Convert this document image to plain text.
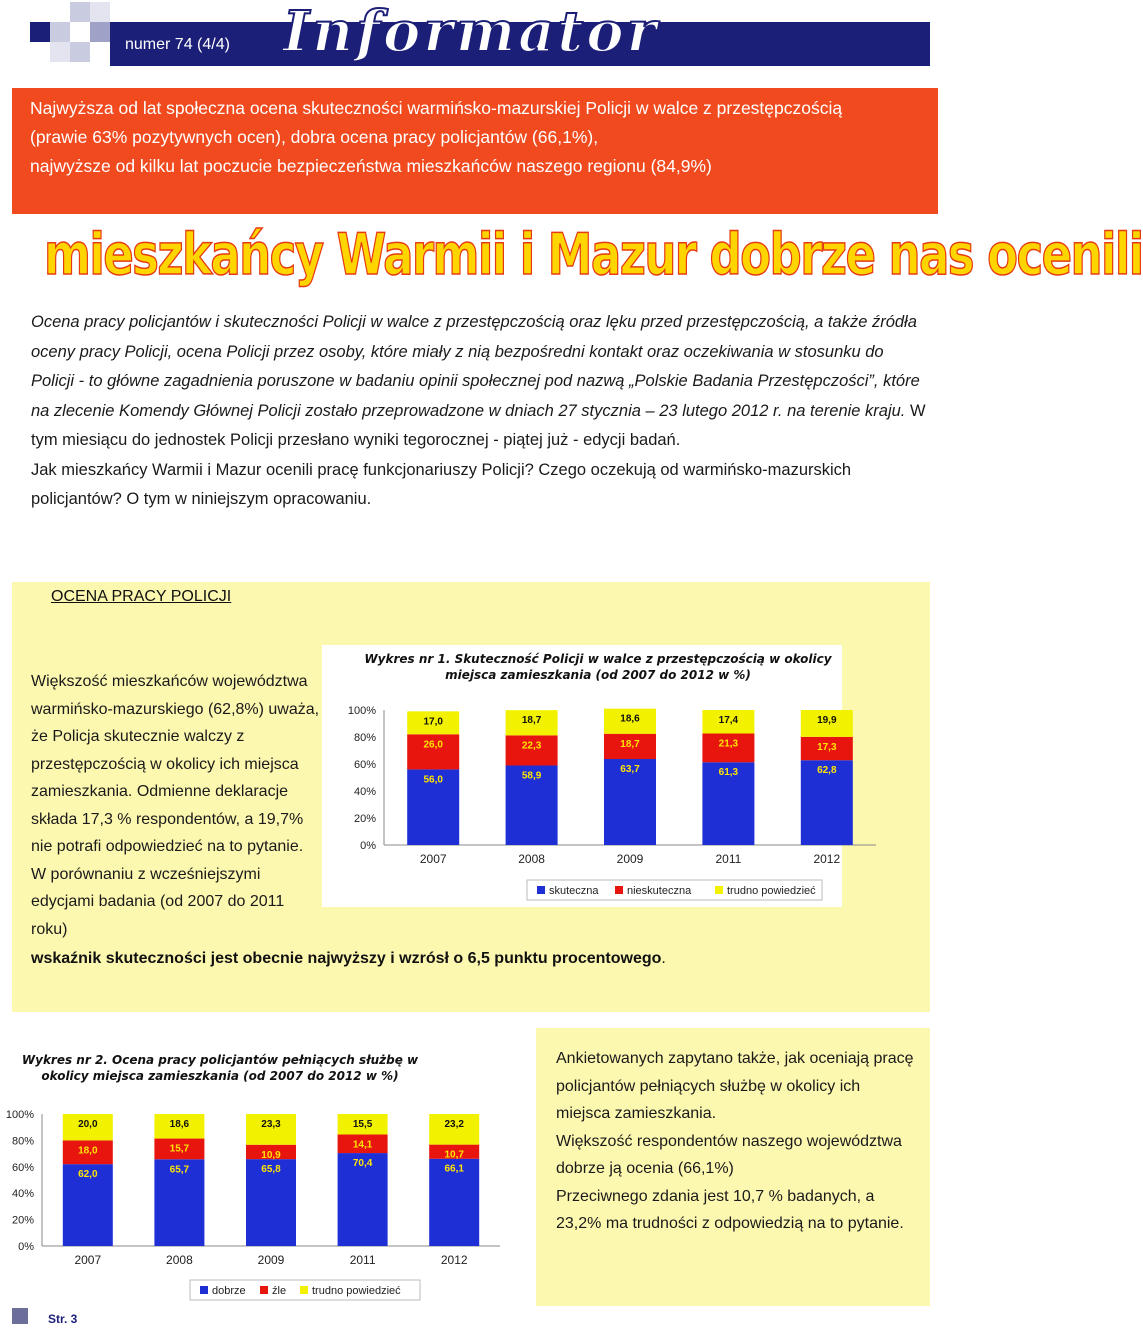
numer 74 (4/4) Informator
Najwyższa od lat społeczna ocena skuteczności warmińsko-mazurskiej Policji w walce z przestępczością
(prawie 63% pozytywnych ocen), dobra ocena pracy policjantów (66,1%),
najwyższe od kilku lat poczucie bezpieczeństwa mieszkańców naszego regionu (84,9%)
mieszkańcy Warmii i Mazur dobrze nas ocenili
Ocena pracy policjantów i skuteczności Policji w walce z przestępczością oraz lęku przed przestępczością, a także źródła oceny pracy Policji, ocena Policji przez osoby, które miały z nią bezpośredni kontakt oraz oczekiwania w stosunku do Policji - to główne zagadnienia poruszone w badaniu opinii społecznej pod nazwą „Polskie Badania Przestępczości”, które na zlecenie Komendy Głównej Policji zostało przeprowadzone w dniach 27 stycznia – 23 lutego 2012 r. na terenie kraju. W tym miesiącu do jednostek Policji przesłano wyniki tegorocznej - piątej już - edycji badań.
Jak mieszkańcy Warmii i Mazur ocenili pracę funkcjonariuszy Policji? Czego oczekują od warmińsko-mazurskich policjantów? O tym w niniejszym opracowaniu.
OCENA PRACY POLICJI
Większość mieszkańców województwa warmińsko-mazurskiego (62,8%) uważa, że Policja skutecznie walczy z przestępczością w okolicy ich miejsca zamieszkania. Odmienne deklaracje składa 17,3 % respondentów, a 19,7% nie potrafi odpowiedzieć na to pytanie. W porównaniu z wcześniejszymi edycjami badania (od 2007 do 2011 roku)
wskaźnik skuteczności jest obecnie najwyższy i wzrósł o 6,5 punktu procentowego.
Wykres nr 1. Skuteczność Policji w walce z przestępczością w okolicy miejsca zamieszkania (od 2007 do 2012 w %)
0%
20%
40%
60%
80%
100%
56,0
26,0
17,0
2007
58,9
22,3
18,7
2008
63,7
18,7
18,6
2009
61,3
21,3
17,4
2011
62,8
17,3
19,9
2012
skuteczna	nieskuteczna	trudno powiedzieć
Wykres nr 2. Ocena pracy policjantów pełniących służbę w okolicy miejsca zamieszkania (od 2007 do 2012 w %)
0%
20%
40%
60%
80%
100%
62,0
18,0
20,0
2007
65,7
15,7
18,6
2008
65,8
10,9
23,3
2009
70,4
14,1
15,5
2011
66,1
10,7
23,2
2012
dobrze źle trudno powiedzieć
Ankietowanych zapytano także, jak oceniają pracę policjantów pełniących służbę w okolicy ich miejsca zamieszkania.
Większość respondentów naszego województwa dobrze ją ocenia (66,1%)
Przeciwnego zdania jest 10,7 % badanych, a 23,2% ma trudności z odpowiedzią na to pytanie.
Str. 3
